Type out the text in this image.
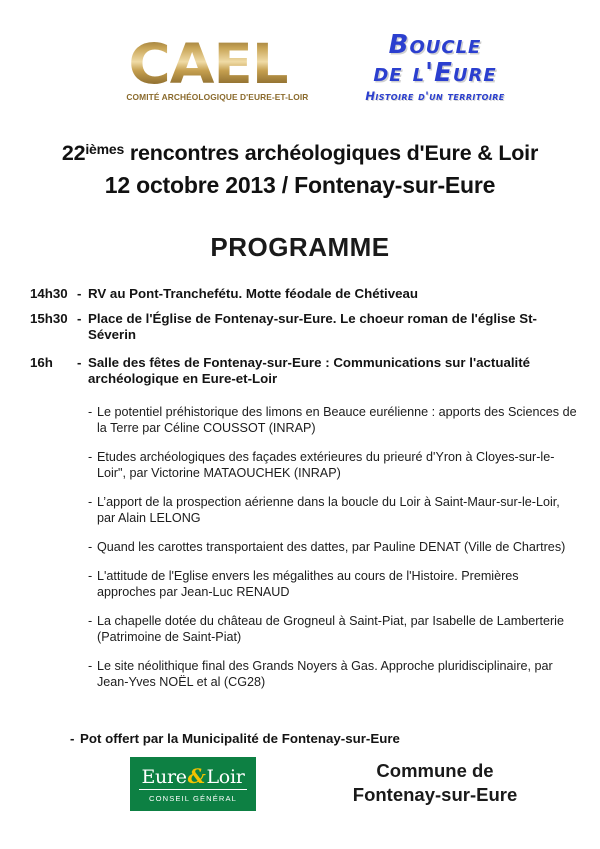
CAEL
COMITÉ ARCHÉOLOGIQUE D'EURE-ET-LOIR
Boucle
de l'Eure
Histoire d'un territoire
$22^{ièmes}$ rencontres archéologiques d'Eure & Loir
12 octobre 2013 / Fontenay-sur-Eure
PROGRAMME
14h30 - RV au Pont-Tranchefétu. Motte féodale de Chétiveau
15h30 - Place de l'Église de Fontenay-sur-Eure. Le choeur roman de l'église St-Séverin
16h	- Salle des fêtes de Fontenay-sur-Eure : Communications sur l'actualité archéologique en Eure-et-Loir
- Le potentiel préhistorique des limons en Beauce eurélienne : apports des Sciences de la Terre par Céline COUSSOT (INRAP)
- Etudes archéologiques des façades extérieures du prieuré d'Yron à Cloyes-sur-le-Loir", par Victorine MATAOUCHEK (INRAP)
- L’apport de la prospection aérienne dans la boucle du Loir à Saint-Maur-sur-le-Loir, par Alain LELONG
- Quand les carottes transportaient des dattes, par Pauline DENAT (Ville de Chartres)
- L'attitude de l'Eglise envers les mégalithes au cours de l'Histoire. Premières approches par Jean-Luc RENAUD
- La chapelle dotée du château de Grogneul à Saint-Piat, par Isabelle de Lamberterie (Patrimoine de Saint-Piat)
- Le site néolithique final des Grands Noyers à Gas. Approche pluridisciplinaire, par Jean-Yves NOËL et al (CG28)
- Pot offert par la Municipalité de Fontenay-sur-Eure
Eure&Loir
CONSEIL GÉNÉRAL
Commune de
Fontenay-sur-Eure
